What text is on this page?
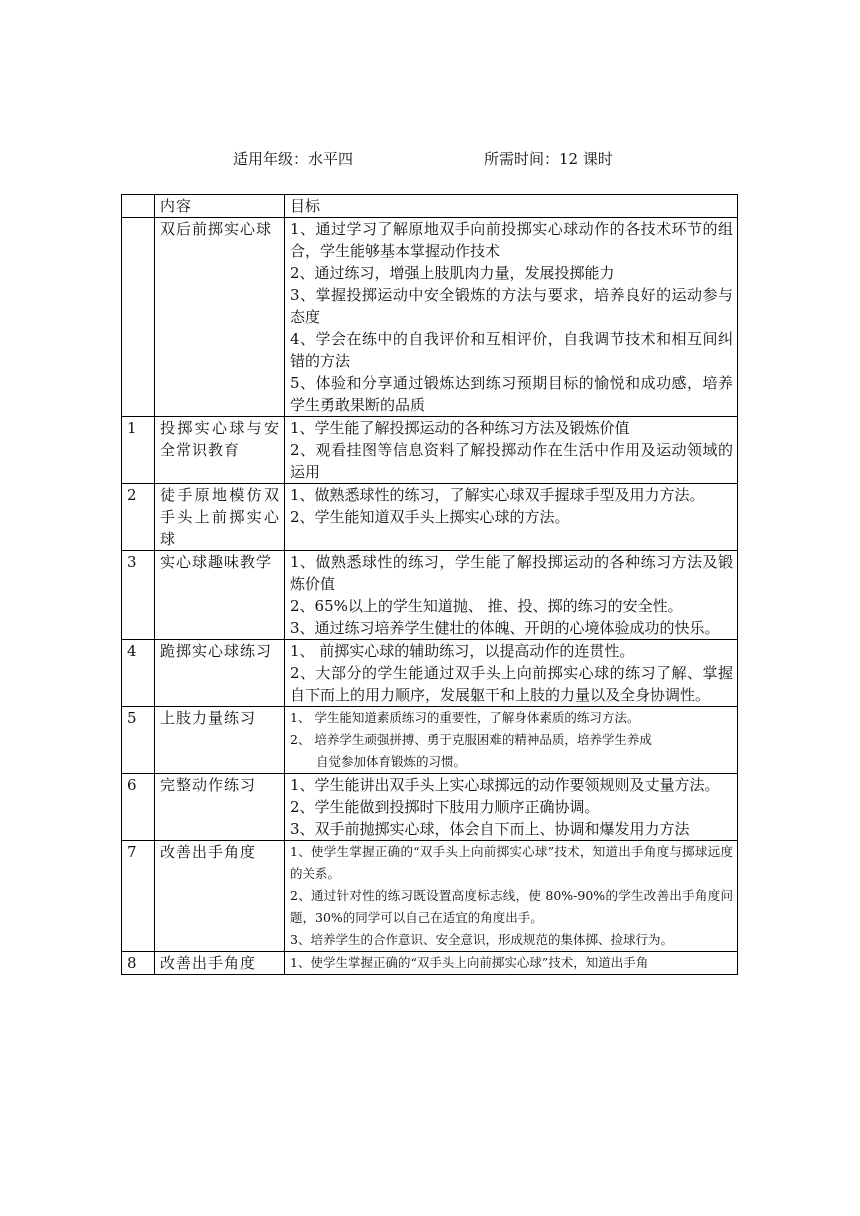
适用年级：水平四	所需时间：12 课时
	内容	目标
	双后前掷实心球	1、通过学习了解原地双手向前投掷实心球动作的各技术环节的组合，学生能够基本掌握动作技术
2、通过练习，增强上肢肌肉力量，发展投掷能力
3、掌握投掷运动中安全锻炼的方法与要求，培养良好的运动参与态度
4、学会在练中的自我评价和互相评价，自我调节技术和相互间纠错的方法
5、体验和分享通过锻炼达到练习预期目标的愉悦和成功感，培养学生勇敢果断的品质

1	投掷实心球与安全常识教育	1、学生能了解投掷运动的各种练习方法及锻炼价值
2、观看挂图等信息资料了解投掷动作在生活中作用及运动领域的运用

2	徒手原地模仿双手头上前掷实心球	1、做熟悉球性的练习，了解实心球双手握球手型及用力方法。
2、学生能知道双手头上掷实心球的方法。

3	实心球趣味教学	1、做熟悉球性的练习，学生能了解投掷运动的各种练习方法及锻炼价值
2、65%以上的学生知道抛、 推、投、掷的练习的安全性。
3、通过练习培养学生健壮的体魄、开朗的心境体验成功的快乐。

4	跪掷实心球练习	1、 前掷实心球的辅助练习，以提高动作的连贯性。
2、大部分的学生能通过双手头上向前掷实心球的练习了解、掌握自下而上的用力顺序，发展躯干和上肢的力量以及全身协调性。

5	上肢力量练习	1、 学生能知道素质练习的重要性，了解身体素质的练习方法。
2、 培养学生顽强拼搏、勇于克服困难的精神品质，培养学生养成
自觉参加体育锻炼的习惯。

6	完整动作练习	1、学生能讲出双手头上实心球掷远的动作要领规则及丈量方法。
2、学生能做到投掷时下肢用力顺序正确协调。
3、双手前抛掷实心球，体会自下而上、协调和爆发用力方法

7	改善出手角度	1、使学生掌握正确的“双手头上向前掷实心球”技术，知道出手角度与掷球远度的关系。
2、通过针对性的练习既设置高度标志线，使 80%-90%的学生改善出手角度问题，30%的同学可以自己在适宜的角度出手。
3、培养学生的合作意识、安全意识，形成规范的集体掷、捡球行为。

8	改善出手角度	1、使学生掌握正确的“双手头上向前掷实心球”技术，知道出手角
